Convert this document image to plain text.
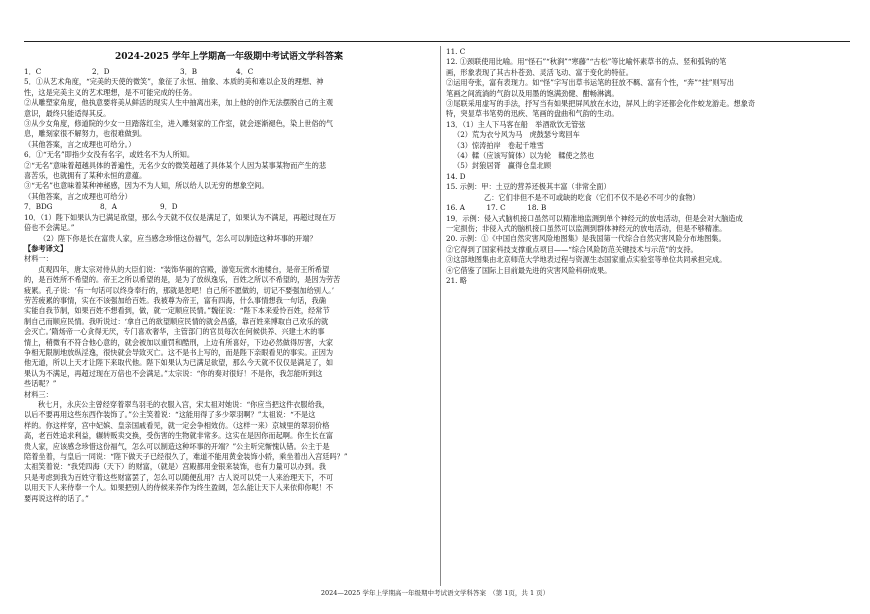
2024-2025 学年上学期高一年级期中考试语文学科答案
1．C	2．D	3．B	4．C
5．①从艺术角度，“完美的天使的微笑”，象征了永恒、抽象、本质的美和难以企及的理想、神
性，这是完美主义的艺术理想，是不可能完成的任务。
②从雕塑家角度，他执意要将美从鲜活的现实人生中抽离出来，加上他的创作无法摆脱自己的主观
意识，最终只能适得其反。
③从少女角度，修道院的少女一旦踏落红尘，进入雕刻家的工作室，就会逐渐褪色，染上世俗的气
息，雕刻家很不解努力，也很难做到。
（其他答案，言之成理也可给分。）
6．①“无名”即指少女没有名字，或姓名不为人所知。
②“无名”意味着超越具体的普遍性，无名少女的微笑超越了具体某个人因为某事某物而产生的悲
喜苦乐，也就拥有了某种永恒的意蕴。
③“无名”也意味着某种神秘感，因为不为人知，所以给人以无穷的想象空间。
（其他答案，言之成理也可给分）
7．BDG	8．A	9．D
10．（1）陛下如果认为已满足欲望，那么今天就不仅仅是满足了，如果认为不满足，再超过现在万
倍也不会满足。”
（2）陛下你是长在富贵人家，应当感念珍惜这份福气，怎么可以制造这种坏事的开端？
【参考译文】
材料一：
贞观四年，唐太宗对侍从的大臣们说：“装饰华丽的宫殿，游览玩赏水池楼台，是帝王所希望
的，是百姓所不希望的。帝王之所以希望的是，是为了放纵逸乐，百姓之所以不希望的，是因为劳苦
疲累。孔子说：‘有一句话可以终身奉行的，那就是恕吧！自己所不愿做的，切记不要强加给别人。’
劳苦疲累的事情，实在不该强加给百姓。我被尊为帝王，富有四海，什么事情想我一句话，我确
实能自我节制，如果百姓不想看到，做，就一定顺应民情。”魏征说：“陛下本来爱怜百姓，经常节
制自己而顺应民情。我听说过：‘拿自己的欲望顺应民情的就会昌盛，靠百姓来博取自己欢乐的就
会灭亡。’隋炀帝一心贪得无厌，专门喜欢奢华，主管部门的官员每次在何候供养、兴建土木的事
情上，稍微有不符合他心意的，就会被加以重罚和酷刑，上边有所喜好，下边必然做得厉害，大家
争相无限制地放纵淫逸，很快就会导致灭亡。这不是书上写的，而是陛下亲眼看见的事实。正因为
他无道，所以上天才让陛下来取代他。陛下如果认为已满足欲望，那么今天就不仅仅是满足了，如
果认为不满足，再超过现在万倍也不会满足。”太宗说：“你的奏对很好！不是你，我怎能听到这
些话呢？”
材料三：
秋七月，永庆公主曾经穿着翠鸟羽毛的衣服入宫，宋太祖对她说：“你应当把这件衣服给我，
以后不要再用这些东西作装饰了。”公主笑着说：“这能用得了多少翠羽啊？”太祖说：“不是这
样的。你这样穿，宫中妃嫔、皇亲国戚看见，就一定会争相效仿。（这样一来）京城里的翠羽价格
高，老百姓追求利益，辗转贩卖交换，受伤害的生物就非常多。这实在是因你而起啊。你生长在富
贵人家，应该感念珍惜这份福气，怎么可以制造这种坏事的开端？”公主听完惭愧认错。公主于是
陪着坐着，与皇后一同说：“陛下做天子已经很久了，难道不能用黄金装饰小轿，乘坐着出入宫廷吗？”
太祖笑着说：“我凭四海（天下）的财富，（就是）宫殿都用金银来装饰，也有力量可以办到。我
只是考虑到我为百姓守着这些财富罢了，怎么可以随便乱用？古人说可以凭一人来治理天下，不可
以用天下人来侍奉一个人。如果把别人的侍候来养作为终生盈阔，怎么能让天下人来依仰你呢！不
要再说这样的话了。”
11. C
12. ①颈联使用比喻。用“怪石”“秋涧”“寒藤”“古松”等比喻怀素草书的点、竖和弧钩的笔
画，形象表现了其古朴苍劲、灵活飞动、富于变化的特征。
②运用夸张，富有表现力。如“怪”字写出草书运笔的狂放不羁、富有个性，“奔”“挂”则写出
笔画之间流淌的气韵以及用墨的饱满劲健、酣畅淋漓。
③尾联采用虚写的手法，抒写当有如果把屏风放在水边，屏风上的字还都会化作蛟龙游走。想象奇
特，突显草书笔势的迅疾、笔画的盘曲和气韵的生动。
13．（1）主人下马客在船　举酒欲饮无管弦
（2）荒为衣兮风为马　虎鼓瑟兮鸾回车
（3）惊涛拍岸　卷起千堆雪
（4）輮（应该写简体）以为轮　輮使之然也
（5）封狼居胥　赢得仓皇北顾
14. D
15. 示例：甲：土豆的营养还极其丰富（非常全面）
乙：它们非但不是不可或缺的吃食（它们不仅不是必不可少的食物）
16. A　　　17. C　　　18. B
19．示例：侵入式脑机接口虽然可以精准地监测到单个神经元的放电活动，但是会对大脑造成
一定损伤；非侵入式的脑机接口虽然可以监测到群体神经元的放电活动，但是不够精准。
20. 示例：①《中国自然灾害风险地图集》是我国第一代综合自然灾害风险分布地图集。
②它得到了国家科技支撑重点项目——“综合风险防范关键技术与示范”的支持。
③这部地图集由北京师范大学地表过程与资源生态国家重点实验室等单位共同承担完成。
④它借鉴了国际上目前最先进的灾害风险科研成果。
21. 略
2024—2025 学年上学期高一年级期中考试语文学科答案　（第 1页，共 1 页）
